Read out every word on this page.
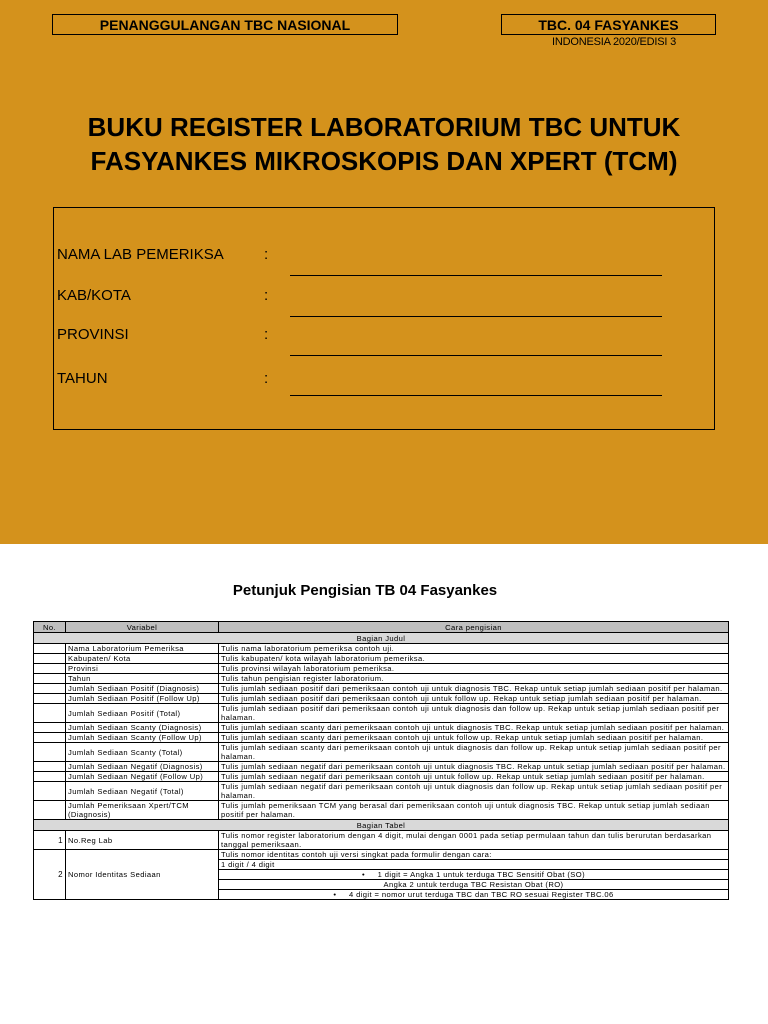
PENANGGULANGAN TBC NASIONAL	TBC. 04 FASYANKES
INDONESIA 2020/EDISI 3
BUKU REGISTER LABORATORIUM TBC UNTUK
FASYANKES MIKROSKOPIS DAN XPERT (TCM)
NAMA LAB PEMERIKSA	:
KAB/KOTA	:
PROVINSI	:
TAHUN	:
Petunjuk Pengisian TB 04 Fasyankes
No.	Variabel	Cara pengisian
Bagian Judul		
	Nama Laboratorium Pemeriksa	Tulis nama laboratorium pemeriksa contoh uji.
	Kabupaten/ Kota	Tulis kabupaten/ kota wilayah laboratorium pemeriksa.
	Provinsi	Tulis provinsi wilayah laboratorium pemeriksa.
	Tahun	Tulis tahun pengisian register laboratorium.
	Jumlah Sediaan Positif (Diagnosis)	Tulis jumlah sediaan positif dari pemeriksaan contoh uji untuk diagnosis TBC. Rekap untuk setiap jumlah sediaan positif per halaman.
	Jumlah Sediaan Positif (Follow Up)	Tulis jumlah sediaan positif dari pemeriksaan contoh uji untuk follow up. Rekap untuk setiap jumlah sediaan positif per halaman.
	Jumlah Sediaan Positif (Total)	Tulis jumlah sediaan positif dari pemeriksaan contoh uji untuk diagnosis dan follow up. Rekap untuk setiap jumlah sediaan positif per halaman.
	Jumlah Sediaan Scanty (Diagnosis)	Tulis jumlah sediaan scanty dari pemeriksaan contoh uji untuk diagnosis TBC. Rekap untuk setiap jumlah sediaan positif per halaman.
	Jumlah Sediaan Scanty (Follow Up)	Tulis jumlah sediaan scanty dari pemeriksaan contoh uji untuk follow up. Rekap untuk setiap jumlah sediaan positif per halaman.
	Jumlah Sediaan Scanty (Total)	Tulis jumlah sediaan scanty dari pemeriksaan contoh uji untuk diagnosis dan follow up. Rekap untuk setiap jumlah sediaan positif per halaman.
	Jumlah Sediaan Negatif (Diagnosis)	Tulis jumlah sediaan negatif dari pemeriksaan contoh uji untuk diagnosis TBC. Rekap untuk setiap jumlah sediaan positif per halaman.
	Jumlah Sediaan Negatif (Follow Up)	Tulis jumlah sediaan negatif dari pemeriksaan contoh uji untuk follow up. Rekap untuk setiap jumlah sediaan positif per halaman.
	Jumlah Sediaan Negatif (Total)	Tulis jumlah sediaan negatif dari pemeriksaan contoh uji untuk diagnosis dan follow up. Rekap untuk setiap jumlah sediaan positif per halaman.
	Jumlah Pemeriksaan Xpert/TCM (Diagnosis)	Tulis jumlah pemeriksaan TCM yang berasal dari pemeriksaan contoh uji untuk diagnosis TBC. Rekap untuk setiap jumlah sediaan positif per halaman.
Bagian Tabel		
1	No.Reg Lab	Tulis nomor register laboratorium dengan 4 digit, mulai dengan 0001 pada setiap permulaan tahun dan tulis berurutan berdasarkan tanggal pemeriksaan.
2	Nomor Identitas Sediaan	Tulis nomor identitas contoh uji versi singkat pada formulir dengan cara:
		1 digit / 4 digit
		• 1 digit = Angka 1 untuk terduga TBC Sensitif Obat (SO)
		Angka 2 untuk terduga TBC Resistan Obat (RO)
		• 4 digit = nomor urut terduga TBC dan TBC RO sesuai Register TBC.06
